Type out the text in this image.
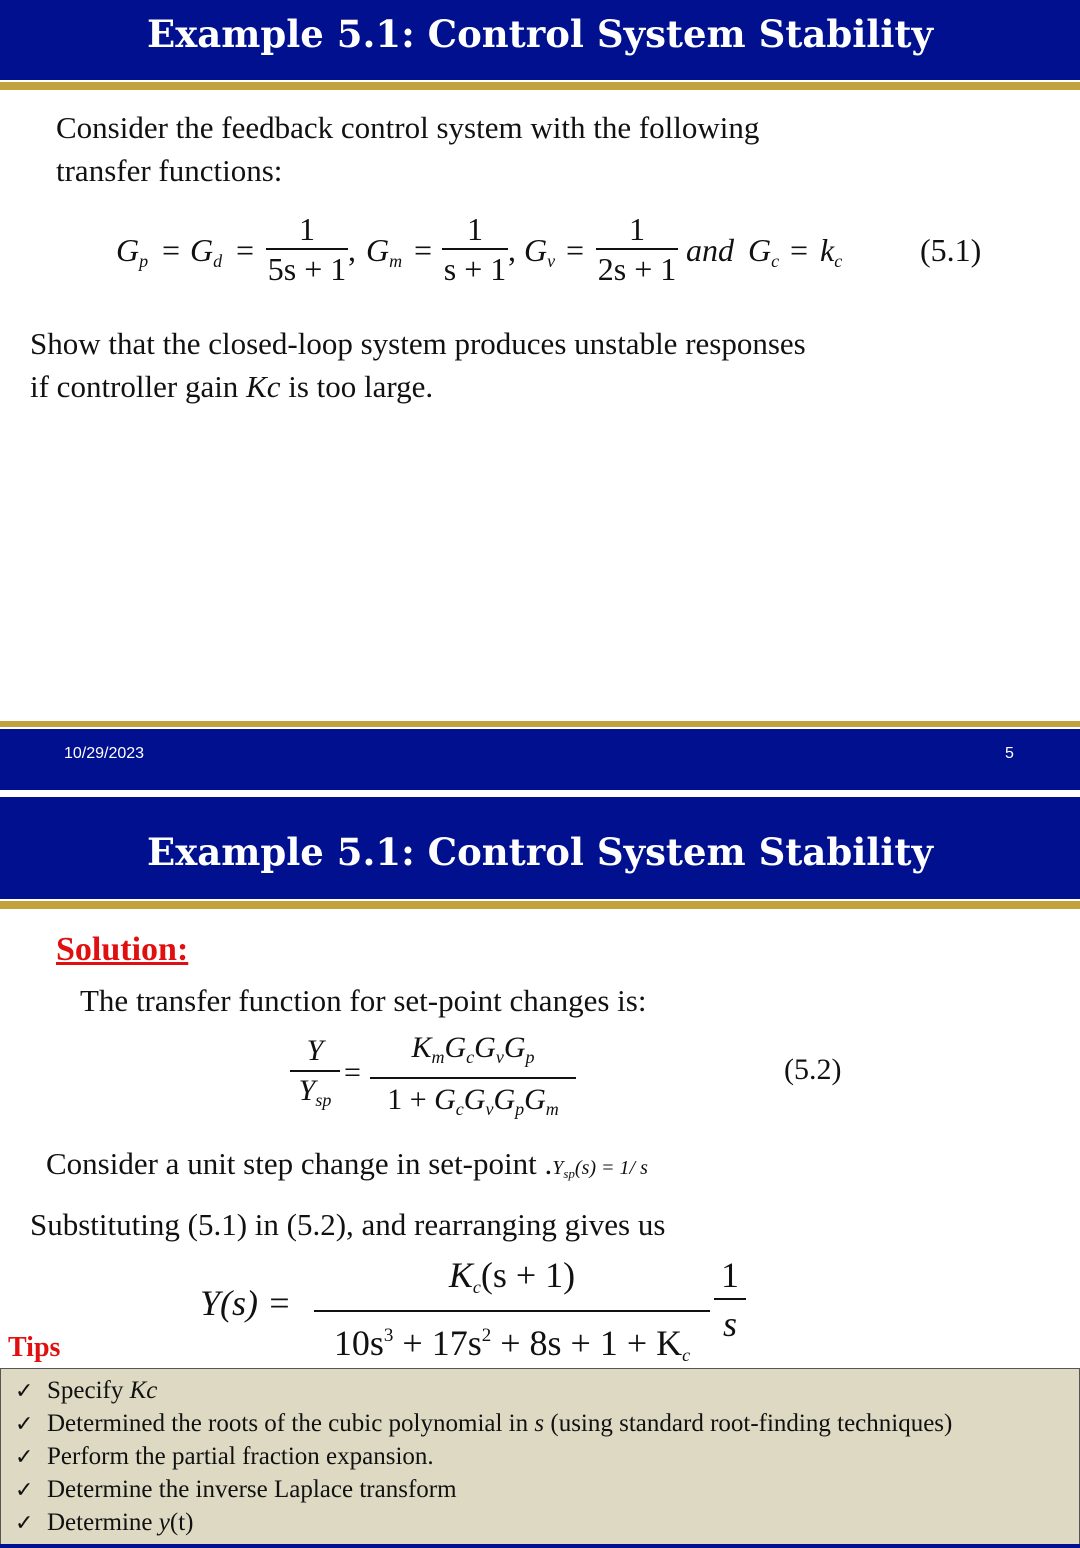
Example 5.1: Control System Stability
Consider the feedback control system with the following
transfer functions:
$G_p = G_d$ =
1
5s + 1
, $G_m$ =
1
s + 1
, $G_v$ =
1
2s + 1
and $G_c = k_c$ (5.1)
Show that the closed-loop system produces unstable responses
if controller gain Kc is too large.
10/29/2023	5
Example 5.1: Control System Stability
Solution:
The transfer function for set-point changes is:
Y
$Y_{sp}$
=
$K_mG_cG_vG_p$
$1 + G_cG_vG_pG_m$
(5.2)
Consider a unit step change in set-point $.Y_{sp}(s) = 1/$ s
Substituting (5.1) in (5.2), and rearranging gives us
Y(s) =
$K_c(s + 1)$
$10s^3 + 17s^2 + 8s + 1 + K_c$
1
s
Tips
✓ Specify Kc
✓ Determined the roots of the cubic polynomial in s (using standard root-finding techniques)
✓ Perform the partial fraction expansion.
✓ Determine the inverse Laplace transform
✓ Determine y(t)
